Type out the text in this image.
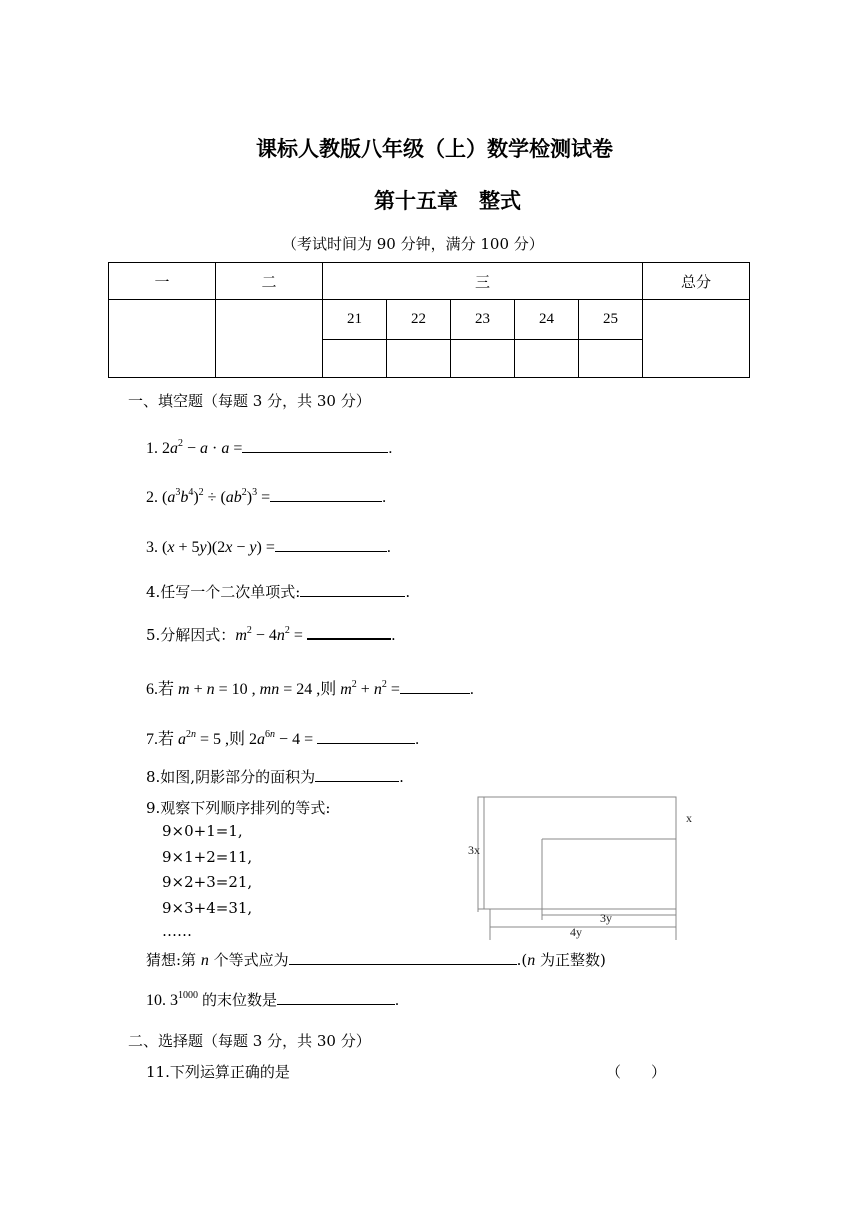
课标人教版八年级（上）数学检测试卷
第十五章　整式
（考试时间为 90 分钟，满分 100 分）
一	二	三					总分
		21	22	23	24	25	

一、填空题（每题 3 分，共 30 分）
1. $2a^2 - a \cdot a$ =	.
2. $(a^3b^4)^2 \div (ab^2)^3$ =	.
3. (x + 5y)(2x − y) =	.
4.任写一个二次单项式:	.
5.分解因式：$m^2 - 4n^2$ =	.
6.若 m + n = 10 , mn = 24 ,则 $m^2 + n^2$ =	.
7.若 $a^{2n} = 5$ ,则 $2a^{6n} - 4$ =	.
8.如图,阴影部分的面积为	.
9.观察下列顺序排列的等式:
9×0+1=1,
9×1+2=11,
9×2+3=21,
9×3+4=31,
……
猜想:第 n 个等式应为	.(n 为正整数)
10. $3^{1000}$ 的末位数是	.
x
3x
3y
4y
二、选择题（每题 3 分，共 30 分）
11.下列运算正确的是	（　　）
